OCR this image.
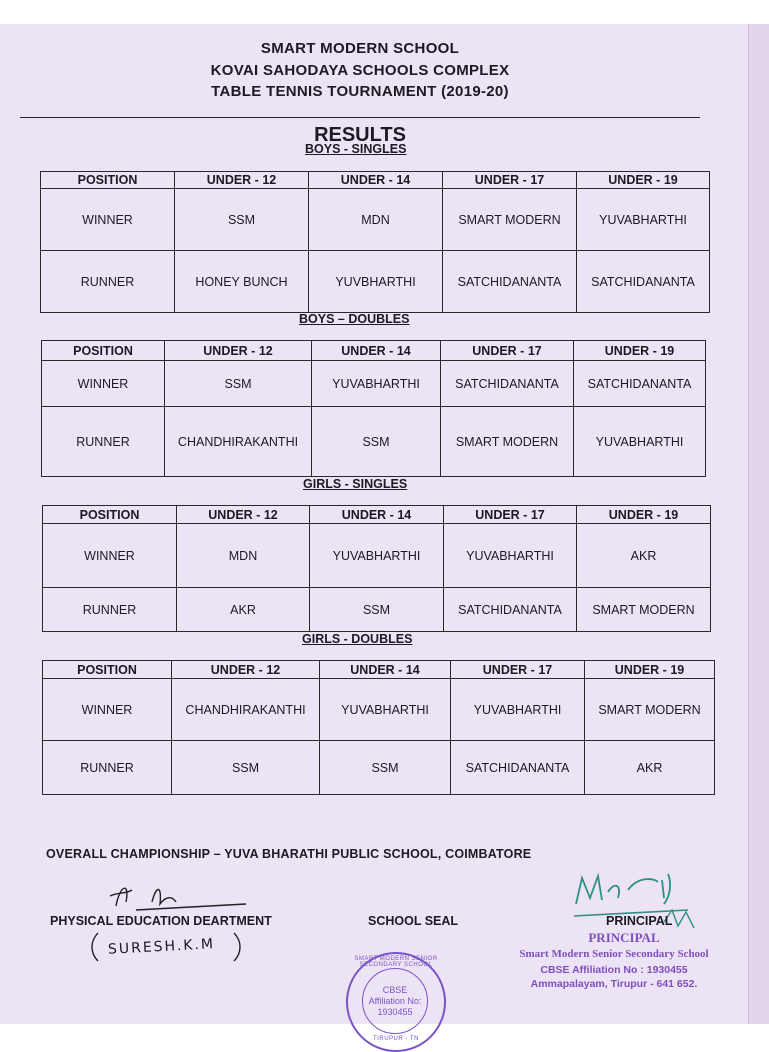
SMART MODERN SCHOOL
KOVAI SAHODAYA SCHOOLS COMPLEX
TABLE TENNIS TOURNAMENT (2019-20)
RESULTS
BOYS - SINGLES
POSITION	UNDER - 12	UNDER - 14	UNDER - 17	UNDER - 19
WINNER	SSM	MDN	SMART MODERN	YUVABHARTHI
RUNNER	HONEY BUNCH	YUVBHARTHI	SATCHIDANANTA	SATCHIDANANTA
BOYS – DOUBLES
POSITION	UNDER - 12	UNDER - 14	UNDER - 17	UNDER - 19
WINNER	SSM	YUVABHARTHI	SATCHIDANANTA	SATCHIDANANTA
RUNNER	CHANDHIRAKANTHI	SSM	SMART MODERN	YUVABHARTHI
GIRLS - SINGLES
POSITION	UNDER - 12	UNDER - 14	UNDER - 17	UNDER - 19
WINNER	MDN	YUVABHARTHI	YUVABHARTHI	AKR
RUNNER	AKR	SSM	SATCHIDANANTA	SMART MODERN
GIRLS - DOUBLES
POSITION	UNDER - 12	UNDER - 14	UNDER - 17	UNDER - 19
WINNER	CHANDHIRAKANTHI	YUVABHARTHI	YUVABHARTHI	SMART MODERN
RUNNER	SSM	SSM	SATCHIDANANTA	AKR
OVERALL CHAMPIONSHIP – YUVA BHARATHI PUBLIC SCHOOL, COIMBATORE
PHYSICAL EDUCATION DEARTMENT
SURESH.K.M
SCHOOL SEAL
SMART MODERN SENIOR SECONDARY SCHOOL
CBSE
Affiliation No:
1930455
TIRUPUR - TN
PRINCIPAL
PRINCIPAL
Smart Modern Senior Secondary School
CBSE Affiliation No : 1930455
Ammapalayam, Tirupur - 641 652.
